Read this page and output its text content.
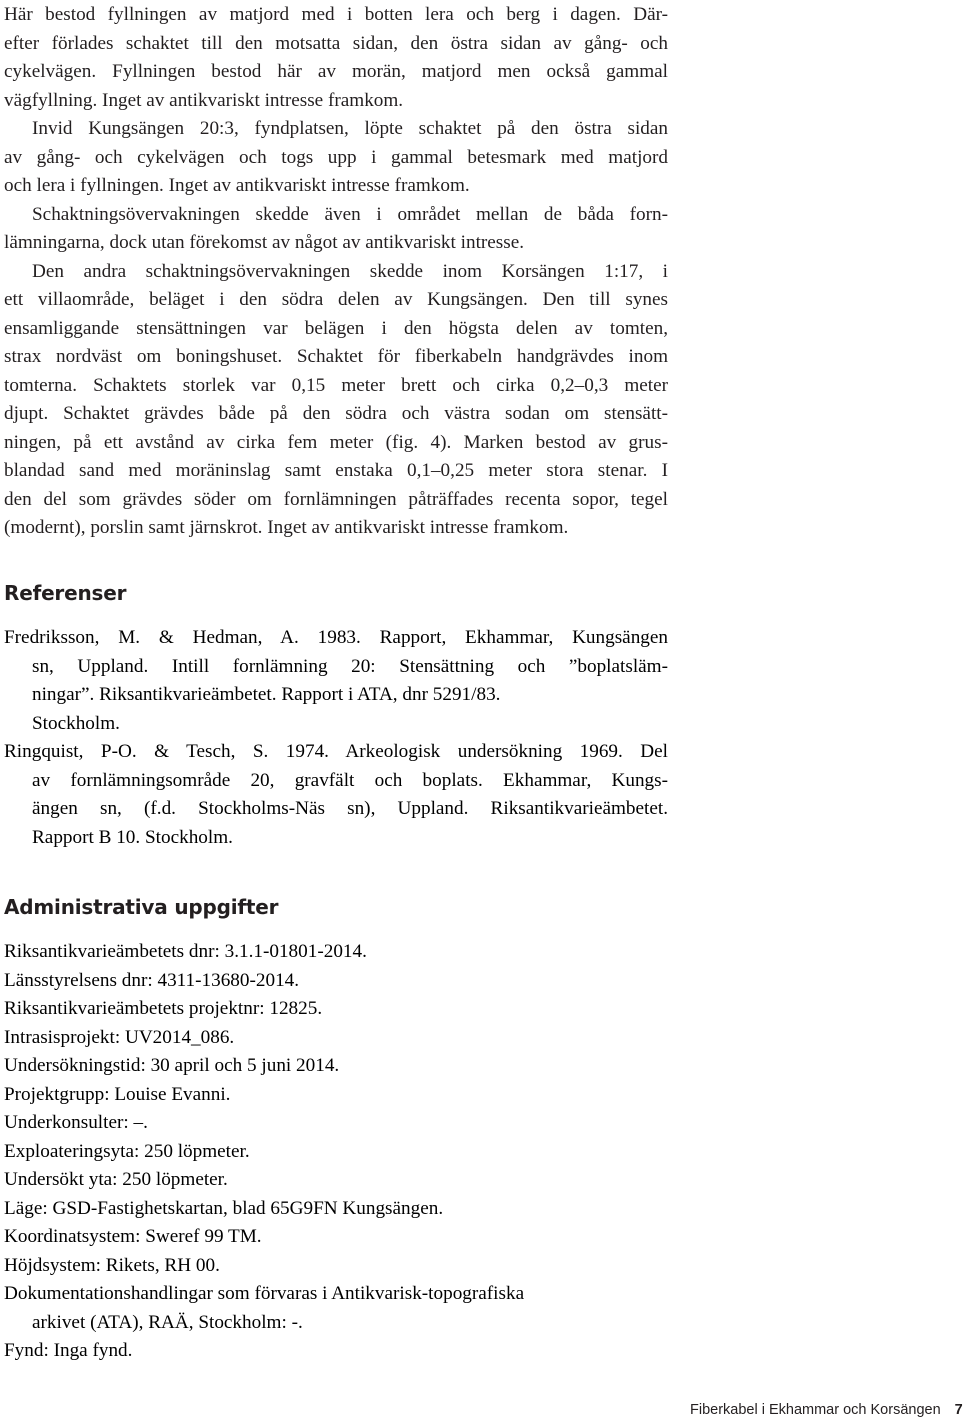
Här bestod fyllningen av matjord med i botten lera och berg i dagen. Där-
efter förlades schaktet till den motsatta sidan, den östra sidan av gång- och
cykelvägen. Fyllningen bestod här av morän, matjord men också gammal
vägfyllning. Inget av antikvariskt intresse framkom.

Invid Kungsängen 20:3, fyndplatsen, löpte schaktet på den östra sidan
av gång- och cykelvägen och togs upp i gammal betesmark med matjord
och lera i fyllningen. Inget av antikvariskt intresse framkom.

Schaktningsövervakningen skedde även i området mellan de båda forn-
lämningarna, dock utan förekomst av något av antikvariskt intresse.

Den andra schaktningsövervakningen skedde inom Korsängen 1:17, i
ett villaområde, beläget i den södra delen av Kungsängen. Den till synes
ensamliggande stensättningen var belägen i den högsta delen av tomten,
strax nordväst om boningshuset. Schaktet för fiberkabeln handgrävdes inom
tomterna. Schaktets storlek var 0,15 meter brett och cirka 0,2–0,3 meter
djupt. Schaktet grävdes både på den södra och västra sodan om stensätt-
ningen, på ett avstånd av cirka fem meter (fig. 4). Marken bestod av grus-
blandad sand med moräninslag samt enstaka 0,1–0,25 meter stora stenar. I
den del som grävdes söder om fornlämningen påträffades recenta sopor, tegel
(modernt), porslin samt järnskrot. Inget av antikvariskt intresse framkom.

Referenser
Fredriksson, M. & Hedman, A. 1983. Rapport, Ekhammar, Kungsängen
sn, Uppland. Intill fornlämning 20: Stensättning och ”boplatsläm-
ningar”. Riksantikvarieämbetet. Rapport i ATA, dnr 5291/83.
Stockholm.
Ringquist, P-O. & Tesch, S. 1974. Arkeologisk undersökning 1969. Del
av fornlämningsområde 20, gravfält och boplats. Ekhammar, Kungs-
ängen sn, (f.d. Stockholms-Näs sn), Uppland. Riksantikvarieämbetet.
Rapport B 10. Stockholm.
Administrativa uppgifter
Riksantikvarieämbetets dnr: 3.1.1-01801-2014.
Länsstyrelsens dnr: 4311-13680-2014.
Riksantikvarieämbetets projektnr: 12825.
Intrasisprojekt: UV2014_086.
Undersökningstid: 30 april och 5 juni 2014.
Projektgrupp: Louise Evanni.
Underkonsulter: –.
Exploateringsyta: 250 löpmeter.
Undersökt yta: 250 löpmeter.
Läge: GSD-Fastighetskartan, blad 65G9FN Kungsängen.
Koordinatsystem: Sweref 99 TM.
Höjdsystem: Rikets, RH 00.
Dokumentationshandlingar som förvaras i Antikvarisk-topografiska
arkivet (ATA), RAÄ, Stockholm: -.
Fynd: Inga fynd.
Fiberkabel i Ekhammar och Korsängen 7
